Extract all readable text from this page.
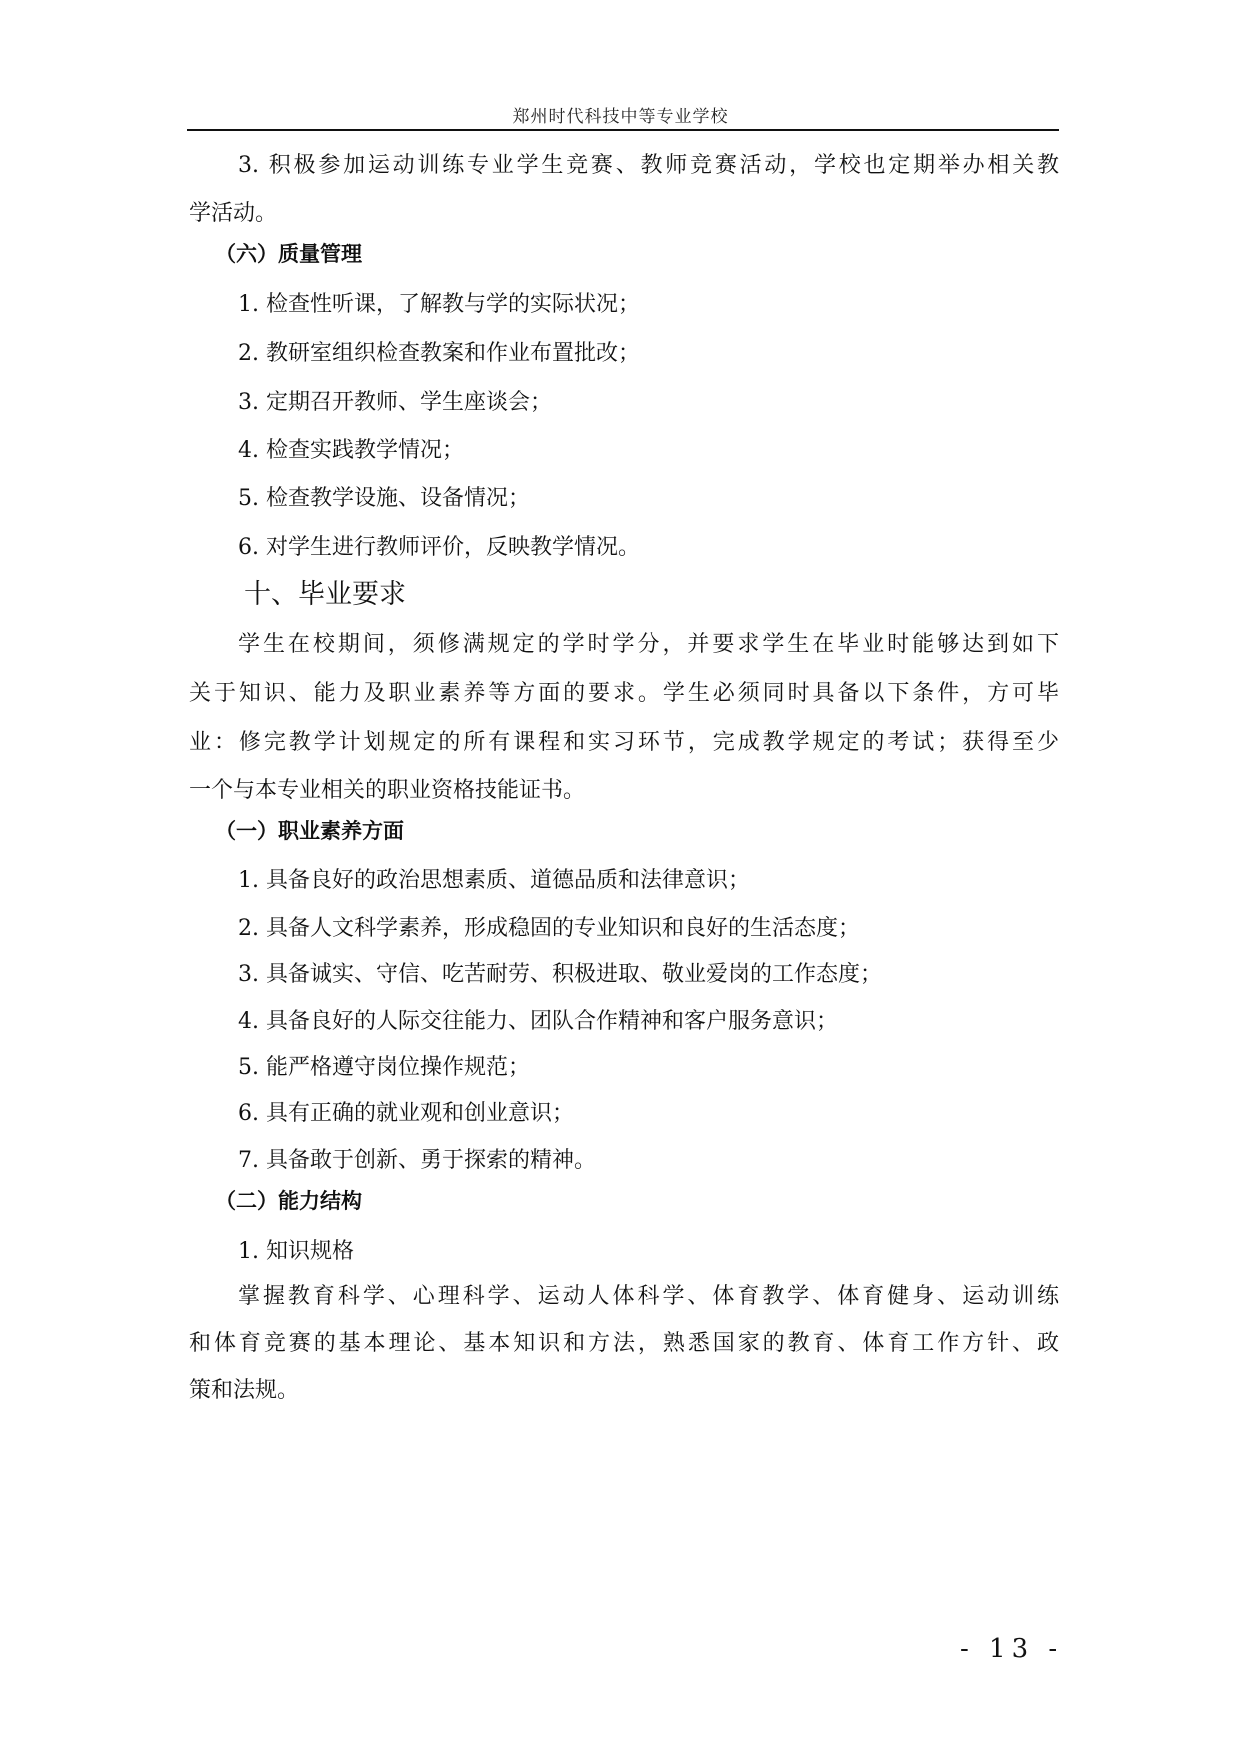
郑州时代科技中等专业学校
3. 积极参加运动训练专业学生竞赛、教师竞赛活动，学校也定期举办相关教
学活动。
（六）质量管理
1. 检查性听课，了解教与学的实际状况；
2. 教研室组织检查教案和作业布置批改；
3. 定期召开教师、学生座谈会；
4. 检查实践教学情况；
5. 检查教学设施、设备情况；
6. 对学生进行教师评价，反映教学情况。
十、毕业要求
学生在校期间，须修满规定的学时学分，并要求学生在毕业时能够达到如下
关于知识、能力及职业素养等方面的要求。学生必须同时具备以下条件，方可毕
业：修完教学计划规定的所有课程和实习环节，完成教学规定的考试；获得至少
一个与本专业相关的职业资格技能证书。
（一）职业素养方面
1. 具备良好的政治思想素质、道德品质和法律意识；
2. 具备人文科学素养，形成稳固的专业知识和良好的生活态度；
3. 具备诚实、守信、吃苦耐劳、积极进取、敬业爱岗的工作态度；
4. 具备良好的人际交往能力、团队合作精神和客户服务意识；
5. 能严格遵守岗位操作规范；
6. 具有正确的就业观和创业意识；
7. 具备敢于创新、勇于探索的精神。
（二）能力结构
1. 知识规格
掌握教育科学、心理科学、运动人体科学、体育教学、体育健身、运动训练
和体育竞赛的基本理论、基本知识和方法，熟悉国家的教育、体育工作方针、政
策和法规。
- 13 -
